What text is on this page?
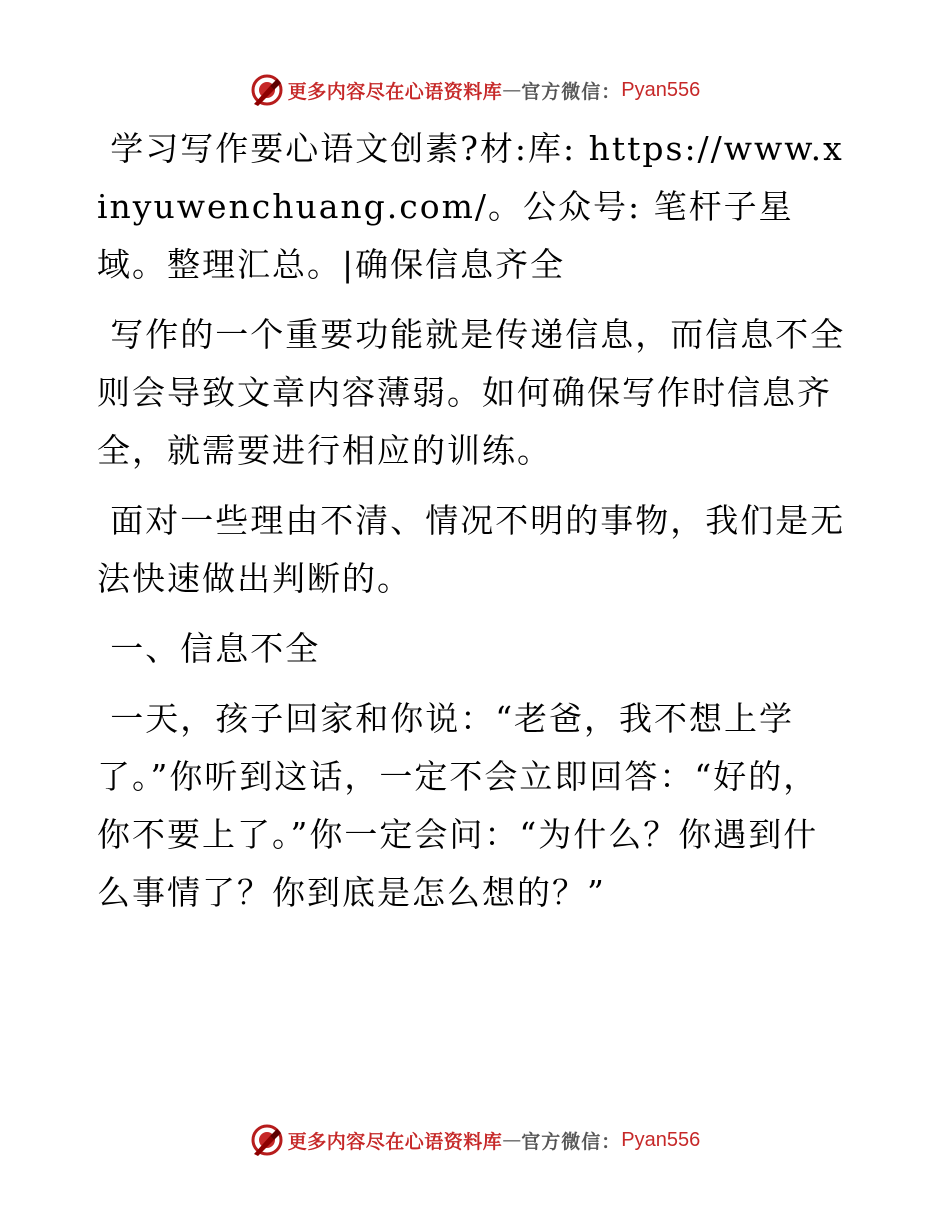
更多内容尽在心语资料库 — 官方微信： Pyan556

学习写作要心语文创素?材:库: https://www.xinyuwenchuang.com/。公众号: 笔杆子星域。整理汇总。|确保信息齐全

写作的一个重要功能就是传递信息，而信息不全则会导致文章内容薄弱。如何确保写作时信息齐全，就需要进行相应的训练。

面对一些理由不清、情况不明的事物，我们是无法快速做出判断的。

一、信息不全

一天，孩子回家和你说：“老爸，我不想上学了。”你听到这话，一定不会立即回答：“好的，你不要上了。”你一定会问：“为什么？你遇到什么事情了？你到底是怎么想的？”

更多内容尽在心语资料库 — 官方微信： Pyan556
